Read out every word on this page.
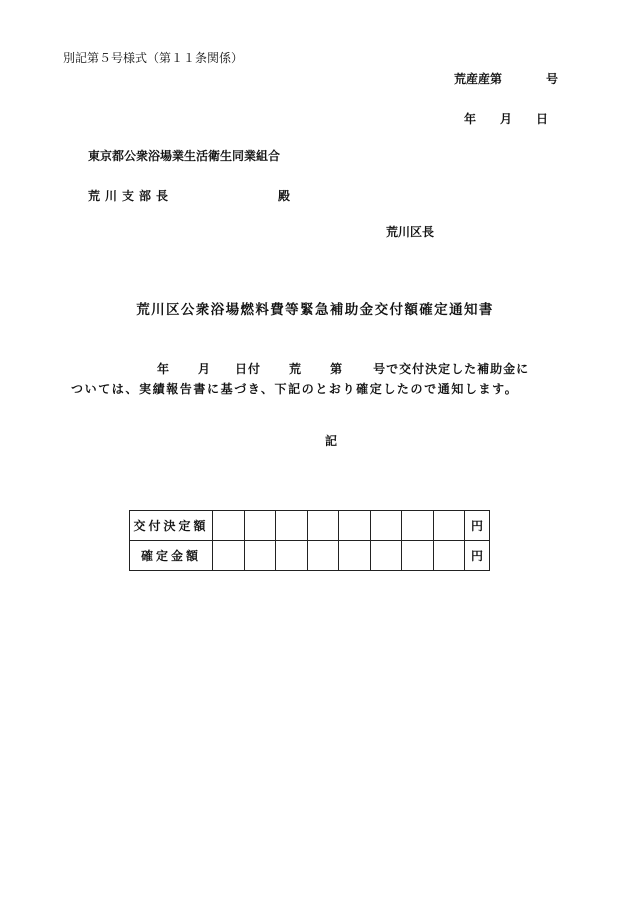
別記第５号様式（第１１条関係）
荒産産第	号
年 月 日
東京都公衆浴場業生活衛生同業組合
荒川支部長	殿
荒川区長
荒川区公衆浴場燃料費等緊急補助金交付額確定通知書
年 月 日付 荒 第	号で交付決定した補助金に
ついては、実績報告書に基づき、下記のとおり確定したので通知します。
記
交付決定額									円
確定金額									円
